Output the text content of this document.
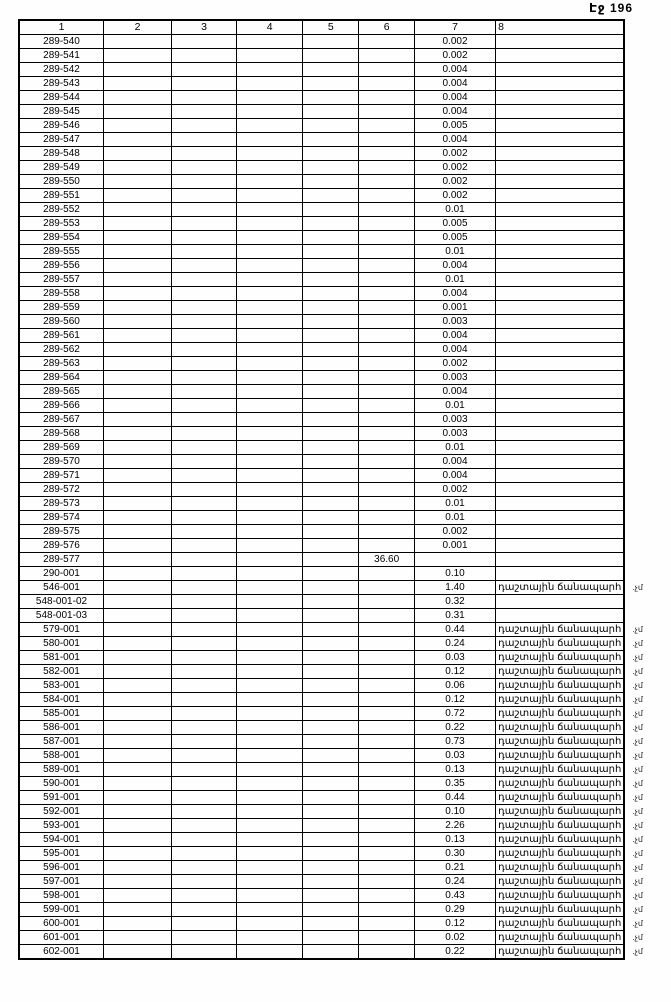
Էջ 196
1	2	3	4	5	6	7	8	
289-540						0.002		
289-541						0.002		
289-542						0.004		
289-543						0.004		
289-544						0.004		
289-545						0.004		
289-546						0.005		
289-547						0.004		
289-548						0.002		
289-549						0.002		
289-550						0.002		
289-551						0.002		
289-552						0.01		
289-553						0.005		
289-554						0.005		
289-555						0.01		
289-556						0.004		
289-557						0.01		
289-558						0.004		
289-559						0.001		
289-560						0.003		
289-561						0.004		
289-562						0.004		
289-563						0.002		
289-564						0.003		
289-565						0.004		
289-566						0.01		
289-567						0.003		
289-568						0.003		
289-569						0.01		
289-570						0.004		
289-571						0.004		
289-572						0.002		
289-573						0.01		
289-574						0.01		
289-575						0.002		
289-576						0.001		
289-577					36.60			
290-001						0.10		
546-001						1.40	դաշտային ճանապարհ	.չմ
548-001-02						0.32		
548-001-03						0.31		
579-001						0.44	դաշտային ճանապարհ	.չմ
580-001						0.24	դաշտային ճանապարհ	.չմ
581-001						0.03	դաշտային ճանապարհ	.չմ
582-001						0.12	դաշտային ճանապարհ	.չմ
583-001						0.06	դաշտային ճանապարհ	.չմ
584-001						0.12	դաշտային ճանապարհ	.չմ
585-001						0.72	դաշտային ճանապարհ	.չմ
586-001						0.22	դաշտային ճանապարհ	.չմ
587-001						0.73	դաշտային ճանապարհ	.չմ
588-001						0.03	դաշտային ճանապարհ	.չմ
589-001						0.13	դաշտային ճանապարհ	.չմ
590-001						0.35	դաշտային ճանապարհ	.չմ
591-001						0.44	դաշտային ճանապարհ	.չմ
592-001						0.10	դաշտային ճանապարհ	.չմ
593-001						2.26	դաշտային ճանապարհ	.չմ
594-001						0.13	դաշտային ճանապարհ	.չմ
595-001						0.30	դաշտային ճանապարհ	.չմ
596-001						0.21	դաշտային ճանապարհ	.չմ
597-001						0.24	դաշտային ճանապարհ	.չմ
598-001						0.43	դաշտային ճանապարհ	.չմ
599-001						0.29	դաշտային ճանապարհ	.չմ
600-001						0.12	դաշտային ճանապարհ	.չմ
601-001						0.02	դաշտային ճանապարհ	.չմ
602-001						0.22	դաշտային ճանապարհ	.չմ
